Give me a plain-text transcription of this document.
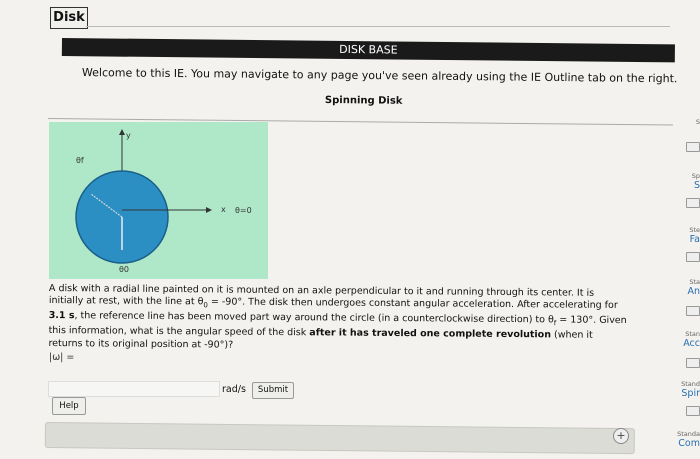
Disk
DISK BASE
Welcome to this IE. You may navigate to any page you've seen already using the IE Outline tab on the right.
Spinning Disk
y
x θ=0
θf
θ0
A disk with a radial line painted on it is mounted on an axle perpendicular to it and running through its center. It is initially at rest, with the line at $\theta_0 = -90^\circ$. The disk then undergoes constant angular acceleration. After accelerating for 3.1 s, the reference line has been moved part way around the circle (in a counterclockwise direction) to $\theta_f = 130^\circ$. Given this information, what is the angular speed of the disk after it has traveled one complete revolution (when it returns to its original position at -90°)?
|ω| =
rad/s	Submit
Help
+
S
Sp
S
Ste
Fa
Sta
An
Stan
Acc
Stand
Spir
Standa
Com
